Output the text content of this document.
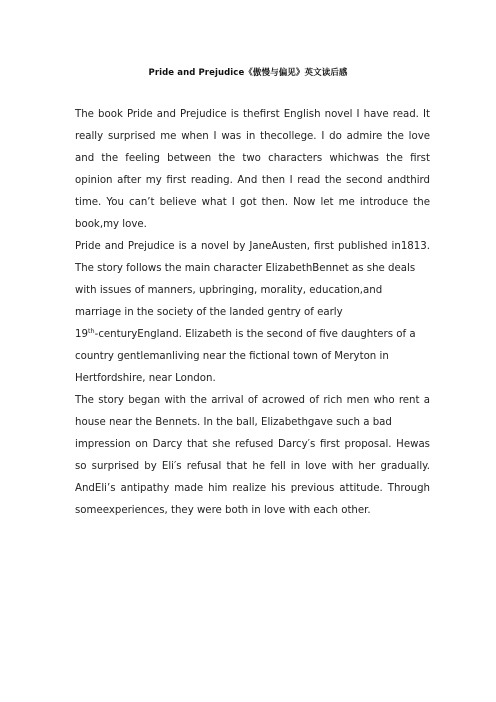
Pride and Prejudice《傲慢与偏见》英文读后感
The book Pride and Prejudice is thefirst English novel I have read. It
really surprised me when I was in thecollege. I do admire the love
and the feeling between the two characters whichwas the first
opinion after my first reading. And then I read the second andthird
time. You can’t believe what I got then. Now let me introduce the
book,my love.
Pride and Prejudice is a novel by JaneAusten, first published in1813.
The story follows the main character ElizabethBennet as she deals
with issues of manners, upbringing, morality, education,and
marriage in the society of the landed gentry of early
19th-centuryEngland. Elizabeth is the second of five daughters of a
country gentlemanliving near the fictional town of Meryton in
Hertfordshire, near London.
The story began with the arrival of acrowed of rich men who rent a
house near the Bennets. In the ball, Elizabethgave such a bad
impression on Darcy that she refused Darcy′s first proposal. Hewas
so surprised by Eli′s refusal that he fell in love with her gradually.
AndEli’s antipathy made him realize his previous attitude. Through
someexperiences, they were both in love with each other.
